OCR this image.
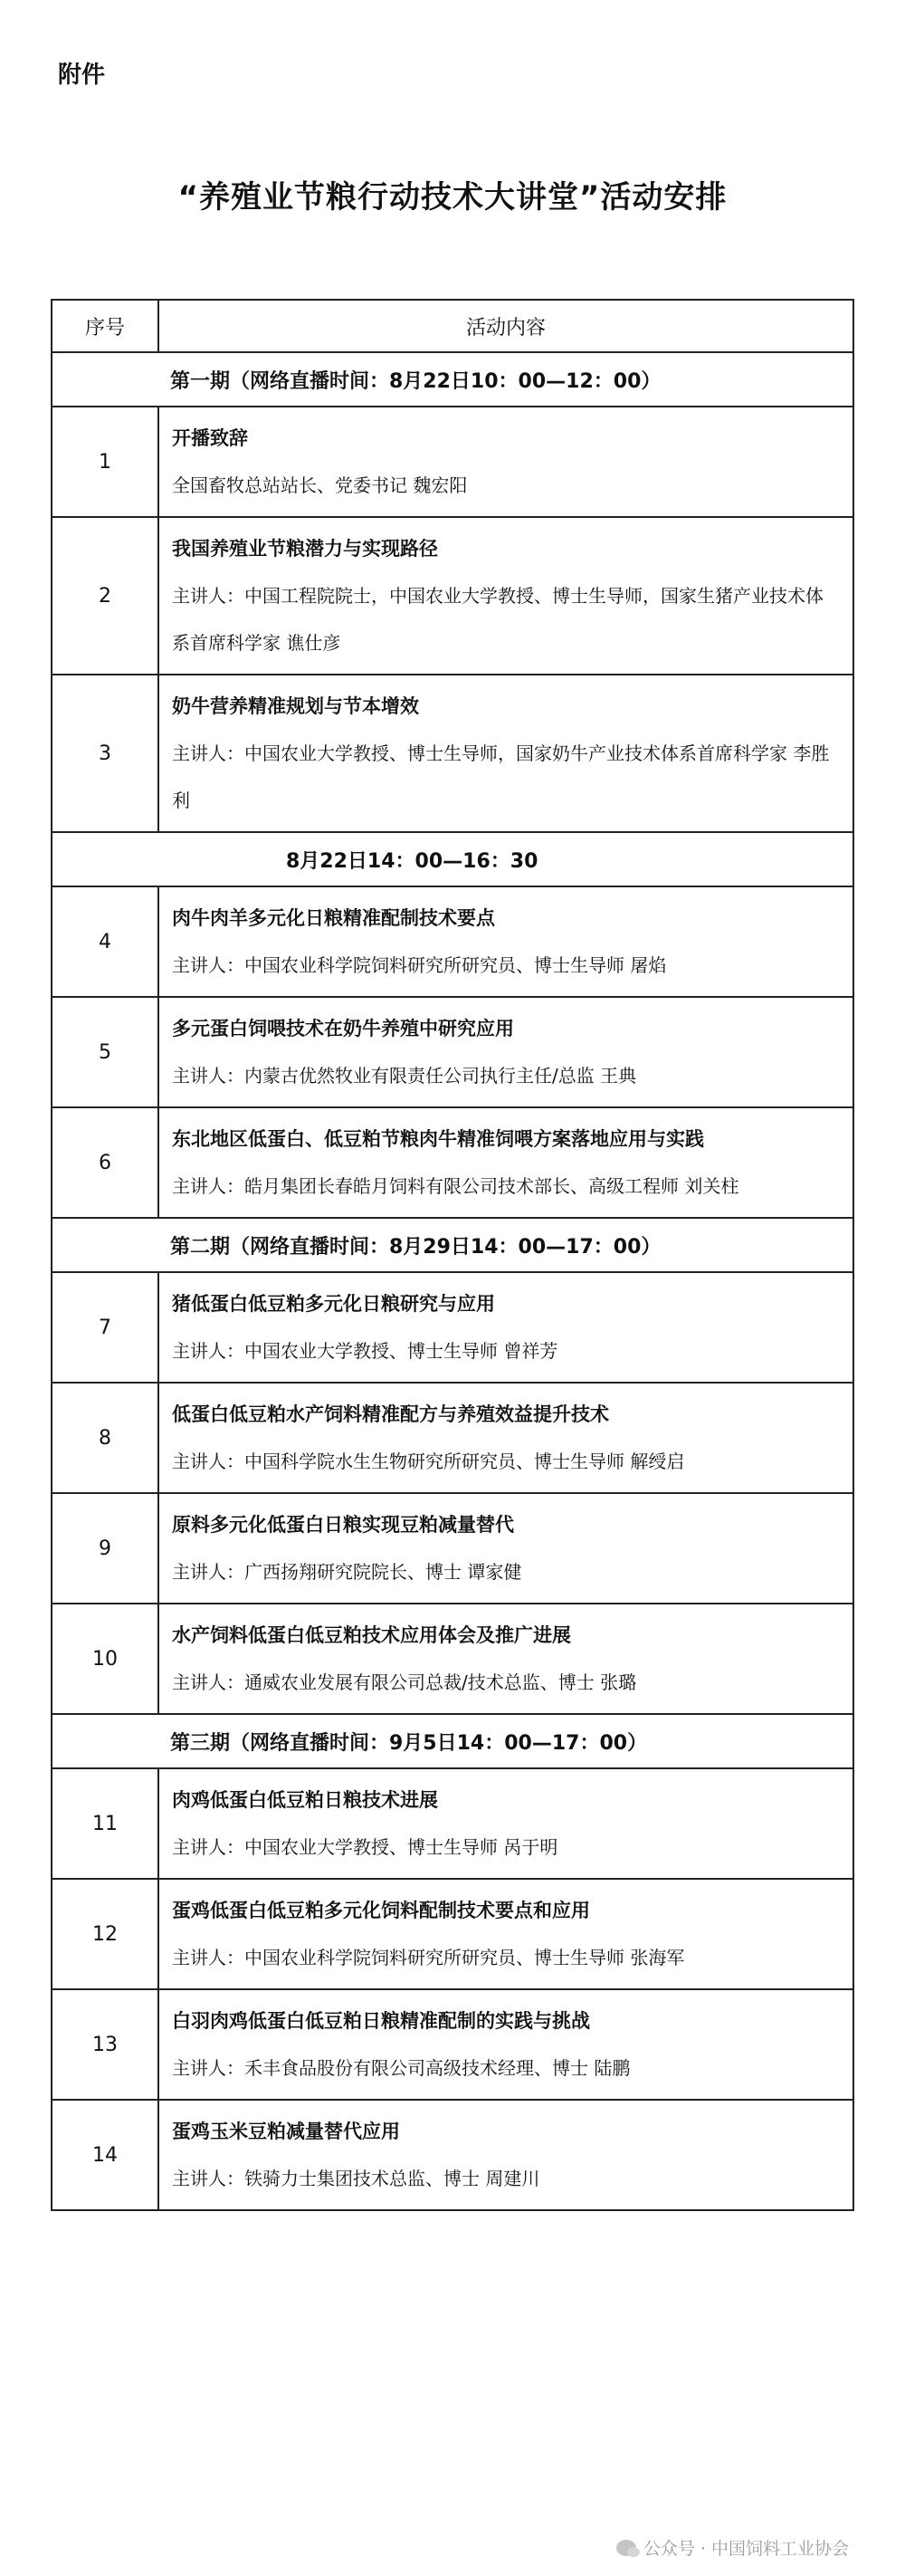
附件
“养殖业节粮行动技术大讲堂”活动安排
序号	活动内容
第一期（网络直播时间：8月22日10：00—12：00）	
1	开播致辞
全国畜牧总站站长、党委书记 魏宏阳

2	我国养殖业节粮潜力与实现路径
主讲人：中国工程院院士，中国农业大学教授、博士生导师，国家生猪产业技术体系首席科学家 谯仕彦

3	奶牛营养精准规划与节本增效
主讲人：中国农业大学教授、博士生导师，国家奶牛产业技术体系首席科学家 李胜利

8月22日14：00—16：30	
4	肉牛肉羊多元化日粮精准配制技术要点
主讲人：中国农业科学院饲料研究所研究员、博士生导师 屠焰

5	多元蛋白饲喂技术在奶牛养殖中研究应用
主讲人：内蒙古优然牧业有限责任公司执行主任/总监 王典

6	东北地区低蛋白、低豆粕节粮肉牛精准饲喂方案落地应用与实践
主讲人：皓月集团长春皓月饲料有限公司技术部长、高级工程师 刘关柱

第二期（网络直播时间：8月29日14：00—17：00）	
7	猪低蛋白低豆粕多元化日粮研究与应用
主讲人：中国农业大学教授、博士生导师 曾祥芳

8	低蛋白低豆粕水产饲料精准配方与养殖效益提升技术
主讲人：中国科学院水生生物研究所研究员、博士生导师 解绶启

9	原料多元化低蛋白日粮实现豆粕减量替代
主讲人：广西扬翔研究院院长、博士 谭家健

10	水产饲料低蛋白低豆粕技术应用体会及推广进展
主讲人：通威农业发展有限公司总裁/技术总监、博士 张璐

第三期（网络直播时间：9月5日14：00—17：00）	
11	肉鸡低蛋白低豆粕日粮技术进展
主讲人：中国农业大学教授、博士生导师 呙于明

12	蛋鸡低蛋白低豆粕多元化饲料配制技术要点和应用
主讲人：中国农业科学院饲料研究所研究员、博士生导师 张海军

13	白羽肉鸡低蛋白低豆粕日粮精准配制的实践与挑战
主讲人：禾丰食品股份有限公司高级技术经理、博士 陆鹏

14	蛋鸡玉米豆粕减量替代应用
主讲人：铁骑力士集团技术总监、博士 周建川
公众号 · 中国饲料工业协会
